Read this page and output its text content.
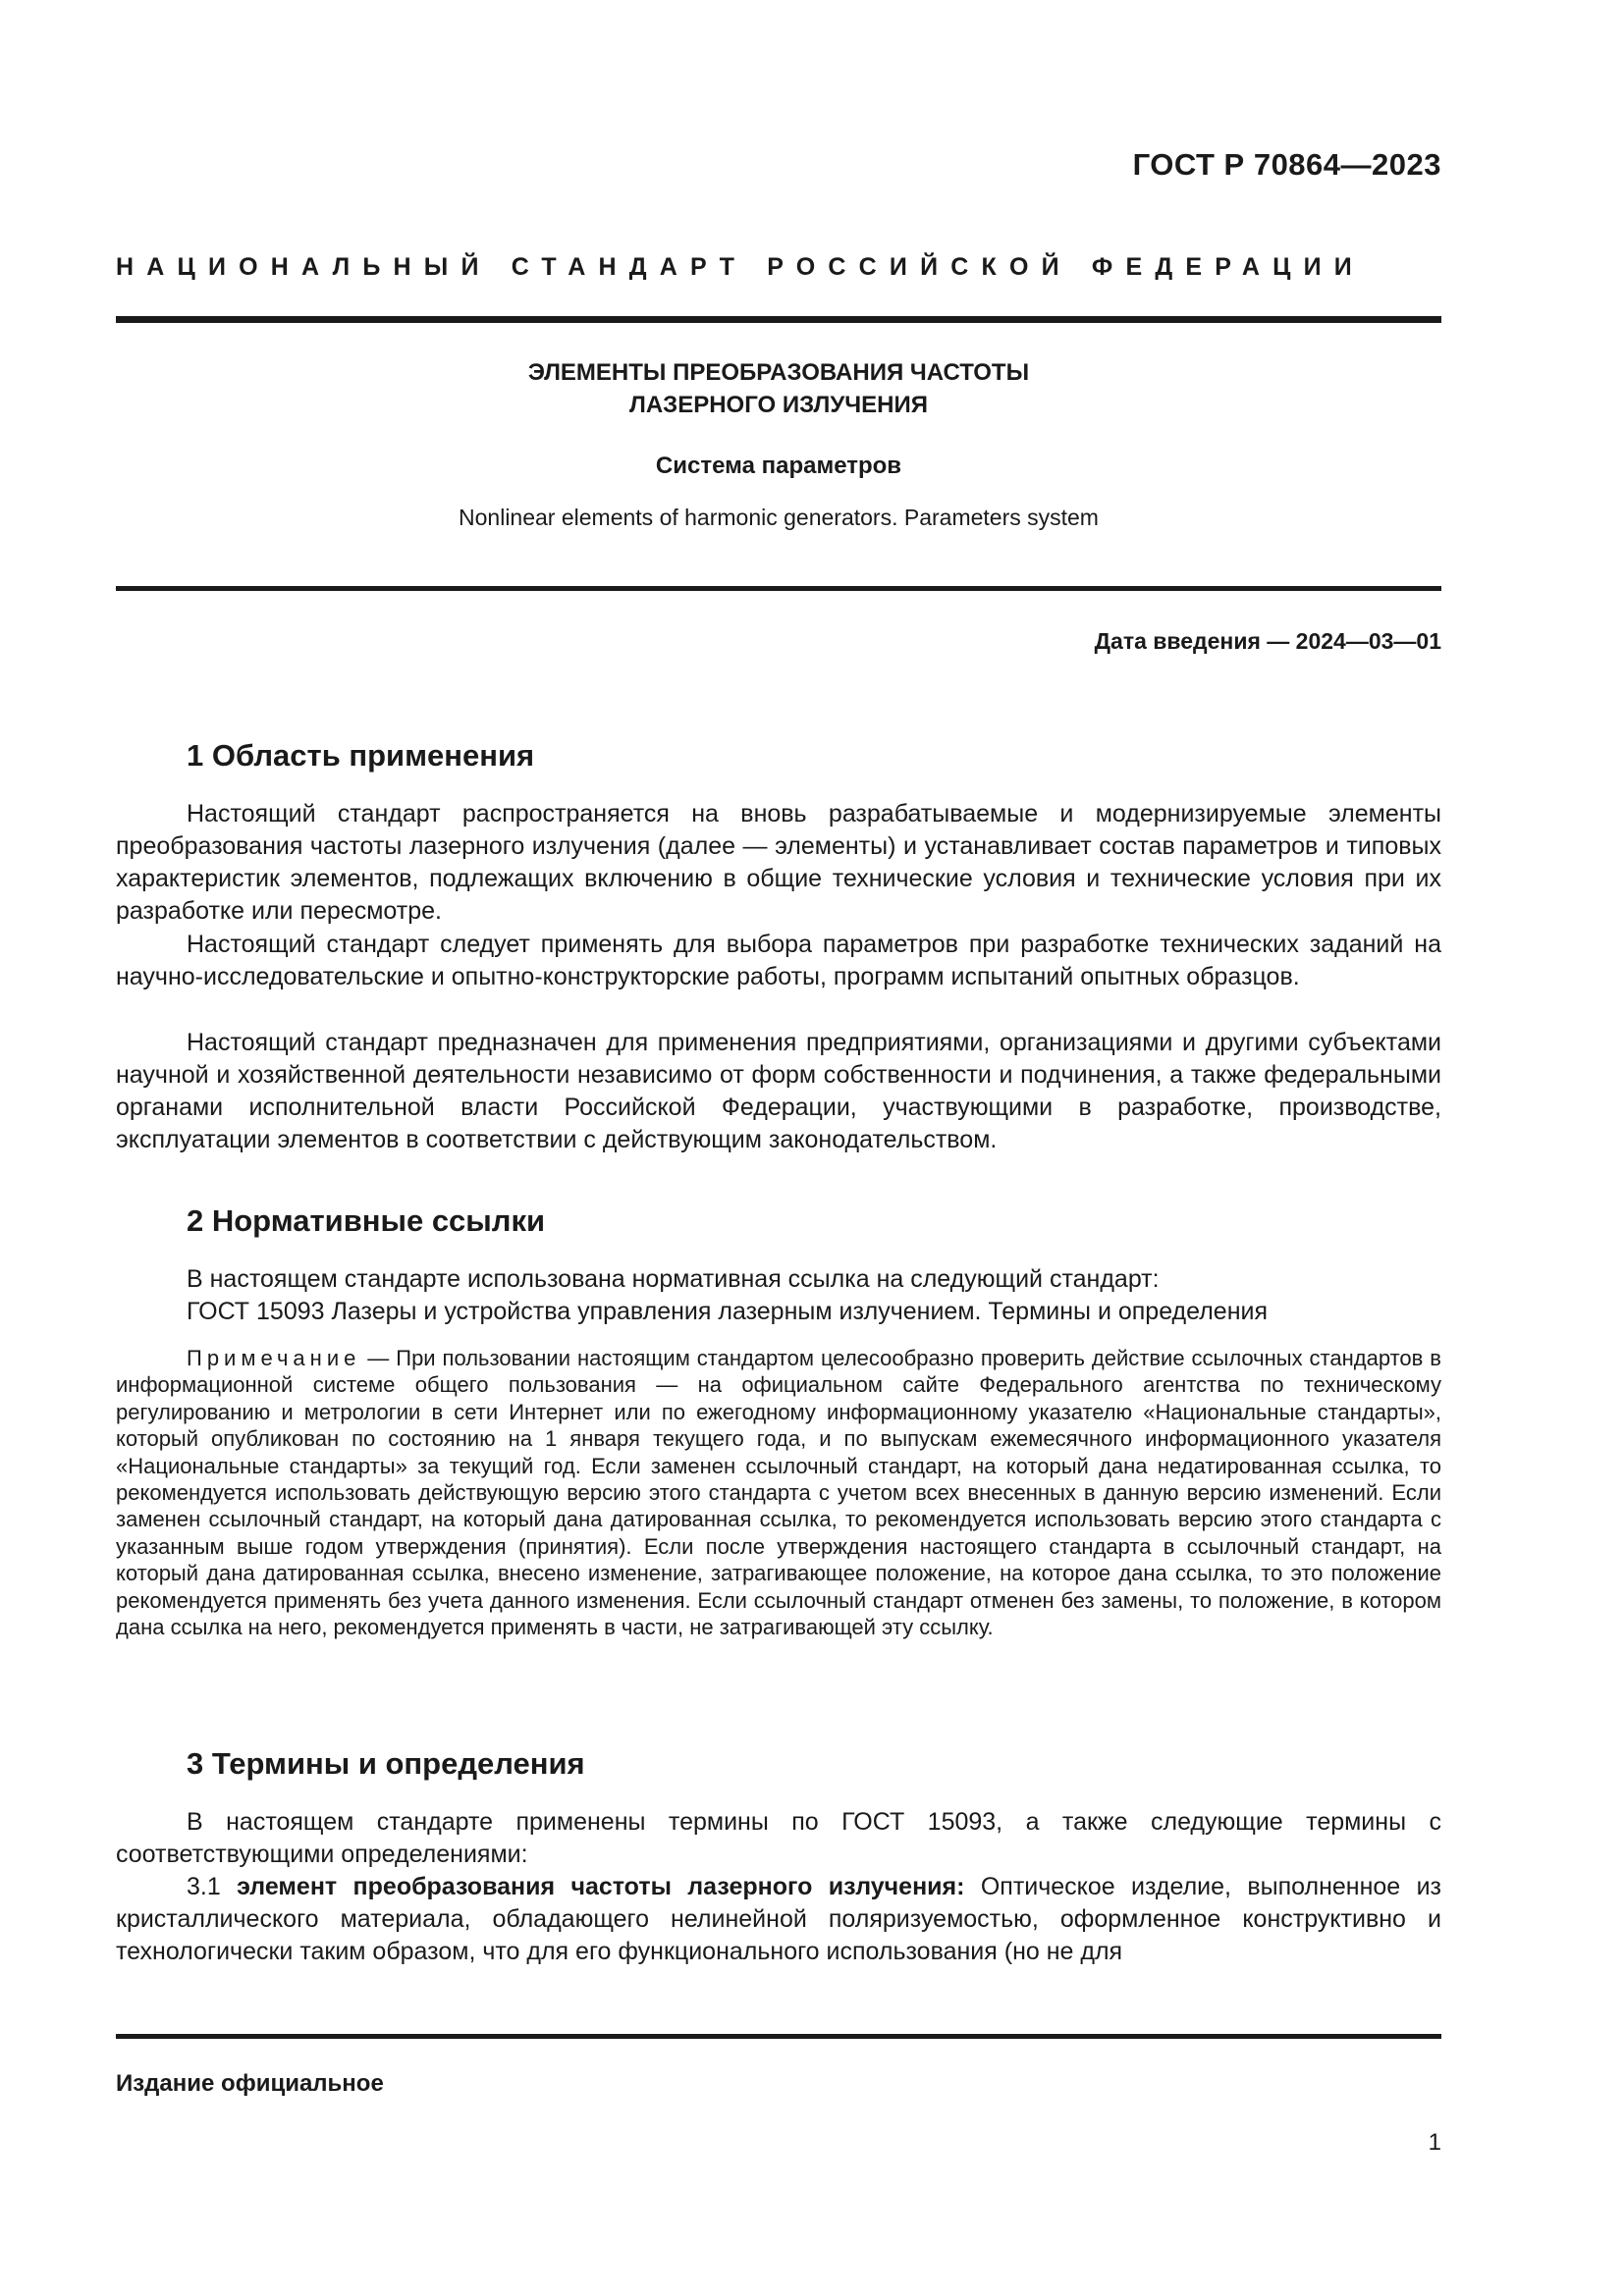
ГОСТ Р 70864—2023
НАЦИОНАЛЬНЫЙ СТАНДАРТ РОССИЙСКОЙ ФЕДЕРАЦИИ
ЭЛЕМЕНТЫ ПРЕОБРАЗОВАНИЯ ЧАСТОТЫ
ЛАЗЕРНОГО ИЗЛУЧЕНИЯ
Система параметров
Nonlinear elements of harmonic generators. Parameters system
Дата введения — 2024—03—01
1 Область применения

Настоящий стандарт распространяется на вновь разрабатываемые и модернизируемые элементы преобразования частоты лазерного излучения (далее — элементы) и устанавливает состав параметров и типовых характеристик элементов, подлежащих включению в общие технические условия и технические условия при их разработке или пересмотре.

Настоящий стандарт следует применять для выбора параметров при разработке технических заданий на научно-исследовательские и опытно-конструкторские работы, программ испытаний опытных образцов.

Настоящий стандарт предназначен для применения предприятиями, организациями и другими субъектами научной и хозяйственной деятельности независимо от форм собственности и подчинения, а также федеральными органами исполнительной власти Российской Федерации, участвующими в разработке, производстве, эксплуатации элементов в соответствии с действующим законодательством.

2 Нормативные ссылки

В настоящем стандарте использована нормативная ссылка на следующий стандарт:

ГОСТ 15093 Лазеры и устройства управления лазерным излучением. Термины и определения

Примечание — При пользовании настоящим стандартом целесообразно проверить действие ссылочных стандартов в информационной системе общего пользования — на официальном сайте Федерального агентства по техническому регулированию и метрологии в сети Интернет или по ежегодному информационному указателю «Национальные стандарты», который опубликован по состоянию на 1 января текущего года, и по выпускам ежемесячного информационного указателя «Национальные стандарты» за текущий год. Если заменен ссылочный стандарт, на который дана недатированная ссылка, то рекомендуется использовать действующую версию этого стандарта с учетом всех внесенных в данную версию изменений. Если заменен ссылочный стандарт, на который дана датированная ссылка, то рекомендуется использовать версию этого стандарта с указанным выше годом утверждения (принятия). Если после утверждения настоящего стандарта в ссылочный стандарт, на который дана датированная ссылка, внесено изменение, затрагивающее положение, на которое дана ссылка, то это положение рекомендуется применять без учета данного изменения. Если ссылочный стандарт отменен без замены, то положение, в котором дана ссылка на него, рекомендуется применять в части, не затрагивающей эту ссылку.

3 Термины и определения

В настоящем стандарте применены термины по ГОСТ 15093, а также следующие термины с соответствующими определениями:

3.1 элемент преобразования частоты лазерного излучения: Оптическое изделие, выполненное из кристаллического материала, обладающего нелинейной поляризуемостью, оформленное конструктивно и технологически таким образом, что для его функционального использования (но не для

Издание официальное
1
